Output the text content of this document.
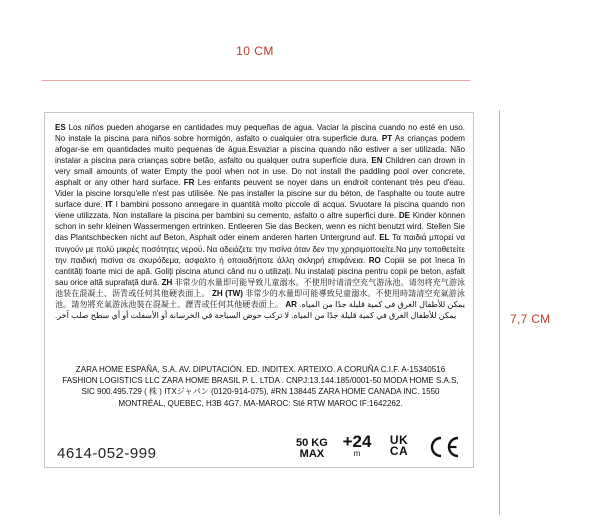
10 CM
7,7 CM
ES Los niños pueden ahogarse en cantidades muy pequeñas de agua. Vaciar la piscina cuando no esté en uso. No instale la piscina para niños sobre hormigón, asfalto o cualquier otra superficie dura. PT As crianças podem afogar-se em quantidades muito pequenas de água.Esvaziar a piscina quando não estiver a ser utilizada. Não instalar a piscina para crianças sobre betão, asfalto ou qualquer outra superfície dura. EN Children can drown in very small amounts of water Empty the pool when not in use. Do not install the paddling pool over concrete, asphalt or any other hard surface. FR Les enfants peuvent se noyer dans un endroit contenant très peu d'eau. Vider la piscine lorsqu'elle n'est pas utilisée. Ne pas installer la piscine sur du béton, de l'asphalte ou toute autre surface dure. IT I bambini possono annegare in quantità molto piccole di acqua. Svuotare la piscina quando non viene utilizzata. Non installare la piscina per bambini su cemento, asfalto o altre superfici dure. DE Kinder können schon in sehr kleinen Wassermengen ertrinken. Entleeren Sie das Becken, wenn es nicht benutzt wird. Stellen Sie das Plantschbecken nicht auf Beton, Asphalt oder einem anderen harten Untergrund auf. EL Τα παιδιά μπορεί να πνιγούν με πολύ μικρές ποσότητες νερού. Να αδειάζετε την πισίνα όταν δεν την χρησιμοποιείτε.Να μην τοποθετείτε την παιδική πισίνα σε σκυρόδεμα, ασφαλτο ή οποιαδήποτε άλλη σκληρή επιφάνεια. RO Copiii se pot îneca în cantități foarte mici de apă. Goliți piscina atunci când nu o utilizați. Nu instalați piscina pentru copii pe beton, asfalt sau orice altă suprafață dură. ZH 非常少的水量即可能导致儿童溺水。不使用时请清空充气游泳池。请勿将充气游泳池装在混凝土、沥青或任何其他硬表面上。 ZH (TW) 非常少的水量即可能導致兒童溺水。不使用時請清空充氣游泳池。請勿將充氣游泳池裝在混凝土、瀝青或任何其他硬表面上。 AR يمكن للأطفال الغرق في كمية قليلة جدًا من المياه. يمكن للأطفال الغرق في كمية قليلة جدًا من المياه. لا تركب حوض السباحة في الخرسانة أو الأسفلت أو أي سطح صلب آخر.
ZARA HOME ESPAÑA, S.A. AV. DIPUTACIÓN. ED. INDITEX. ARTEIXO. A CORUÑA C.I.F. A-15340516 FASHION LOGISTICS LLC ZARA HOME BRASIL P. L. LTDA . CNPJ:13.144.185/0001-50 MODA HOME S.A.S, SIC 900.495.729 ( 株 ) ITXジャパン (0120-914-075), #RN 138445 ZARA HOME CANADA INC. 1550 MONTRÉAL, QUEBEC, H3B 4G7. MA-MAROC: Sté RTW MAROC IF:1642262.
4614-052-999
50 KG
MAX
+24
m
UK
CA
